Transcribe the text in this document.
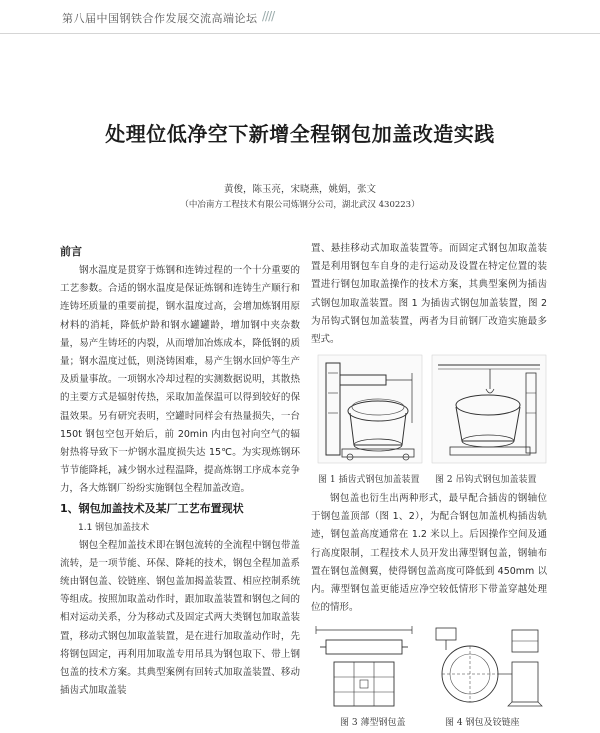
第八届中国钢铁合作发展交流高端论坛 ////
处理位低净空下新增全程钢包加盖改造实践
黄俊，陈玉亮，宋晓燕，姚娟，张文
（中冶南方工程技术有限公司炼钢分公司，湖北武汉 430223）
前言

钢水温度是贯穿于炼钢和连铸过程的一个十分重要的工艺参数。合适的钢水温度是保证炼钢和连铸生产顺行和连铸坯质量的重要前提，钢水温度过高，会增加炼钢用原材料的消耗，降低炉龄和钢水罐罐龄，增加钢中夹杂数量，易产生铸坯的内裂，从而增加冶炼成本，降低钢的质量；钢水温度过低，则浇铸困难，易产生钢水回炉等生产及质量事故。一项钢水冷却过程的实测数据说明，其散热的主要方式是辐射传热，采取加盖保温可以得到较好的保温效果。另有研究表明，空罐时同样会有热量损失，一台 150t 钢包空包开始后，前 20min 内由包衬向空气的辐射热将导致下一炉钢水温度损失达 15℃。为实现炼钢环节节能降耗，减少钢水过程温降，提高炼钢工序成本竞争力，各大炼钢厂纷纷实施钢包全程加盖改造。

1、钢包加盖技术及某厂工艺布置现状
1.1 钢包加盖技术

钢包全程加盖技术即在钢包流转的全流程中钢包带盖流转，是一项节能、环保、降耗的技术，钢包全程加盖系统由钢包盖、铰链座、钢包盖加揭盖装置、相应控制系统等组成。按照加取盖动作时，跟加取盖装置和钢包之间的相对运动关系，分为移动式及固定式两大类钢包加取盖装置，移动式钢包加取盖装置，是在进行加取盖动作时，先将钢包固定，再利用加取盖专用吊具为钢包取下、带上钢包盖的技术方案。其典型案例有回转式加取盖装置、移动插齿式加取盖装

置、悬挂移动式加取盖装置等。而固定式钢包加取盖装置是利用钢包车自身的走行运动及设置在特定位置的装置进行钢包加取盖操作的技术方案，其典型案例为插齿式钢包加取盖装置。图 1 为插齿式钢包加盖装置，图 2 为吊钩式钢包加盖装置，两者为目前钢厂改造实施最多型式。

图 1 插齿式钢包加盖装置 图 2 吊钩式钢包加盖装置

钢包盖也衍生出两种形式，最早配合插齿的钢轴位于钢包盖顶部（图 1、2），为配合钢包加盖机构插齿轨迹，钢包盖高度通常在 1.2 米以上。后因操作空间及通行高度限制，工程技术人员开发出薄型钢包盖，钢轴布置在钢包盖侧翼，使得钢包盖高度可降低到 450mm 以内。薄型钢包盖更能适应净空较低情形下带盖穿越处理位的情形。

图 3 薄型钢包盖	图 4 钢包及铰链座
